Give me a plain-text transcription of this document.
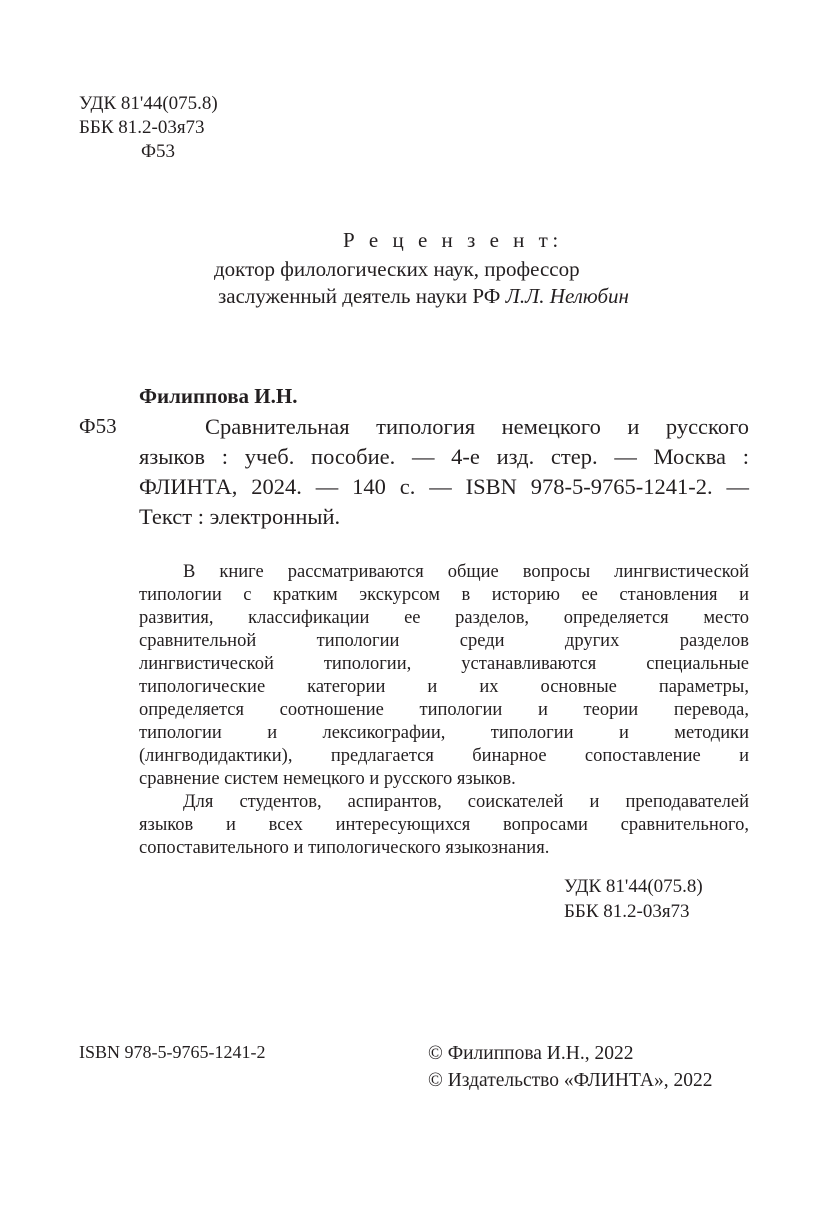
УДК 81'44(075.8)
ББК 81.2-03я73
Ф53
Р е ц е н з е н т:
доктор филологических наук, профессор
заслуженный деятель науки РФ Л.Л. Нелюбин
Филиппова И.Н.
Ф53	Сравнительная типология немецкого и русского
языков : учеб. пособие. — 4-е изд. стер. — Москва :
ФЛИНТА, 2024. — 140 с. — ISBN 978-5-9765-1241-2. —
Текст : электронный.
В книге рассматриваются общие вопросы лингвистической
типологии с кратким экскурсом в историю ее становления и
развития, классификации ее разделов, определяется место
сравнительной типологии среди других разделов
лингвистической типологии, устанавливаются специальные
типологические категории и их основные параметры,
определяется соотношение типологии и теории перевода,
типологии и лексикографии, типологии и методики
(лингводидактики), предлагается бинарное сопоставление и
сравнение систем немецкого и русского языков.
Для студентов, аспирантов, соискателей и преподавателей
языков и всех интересующихся вопросами сравнительного,
сопоставительного и типологического языкознания.
УДК 81'44(075.8)
ББК 81.2-03я73
ISBN 978-5-9765-1241-2	© Филиппова И.Н., 2022
© Издательство «ФЛИНТА», 2022
